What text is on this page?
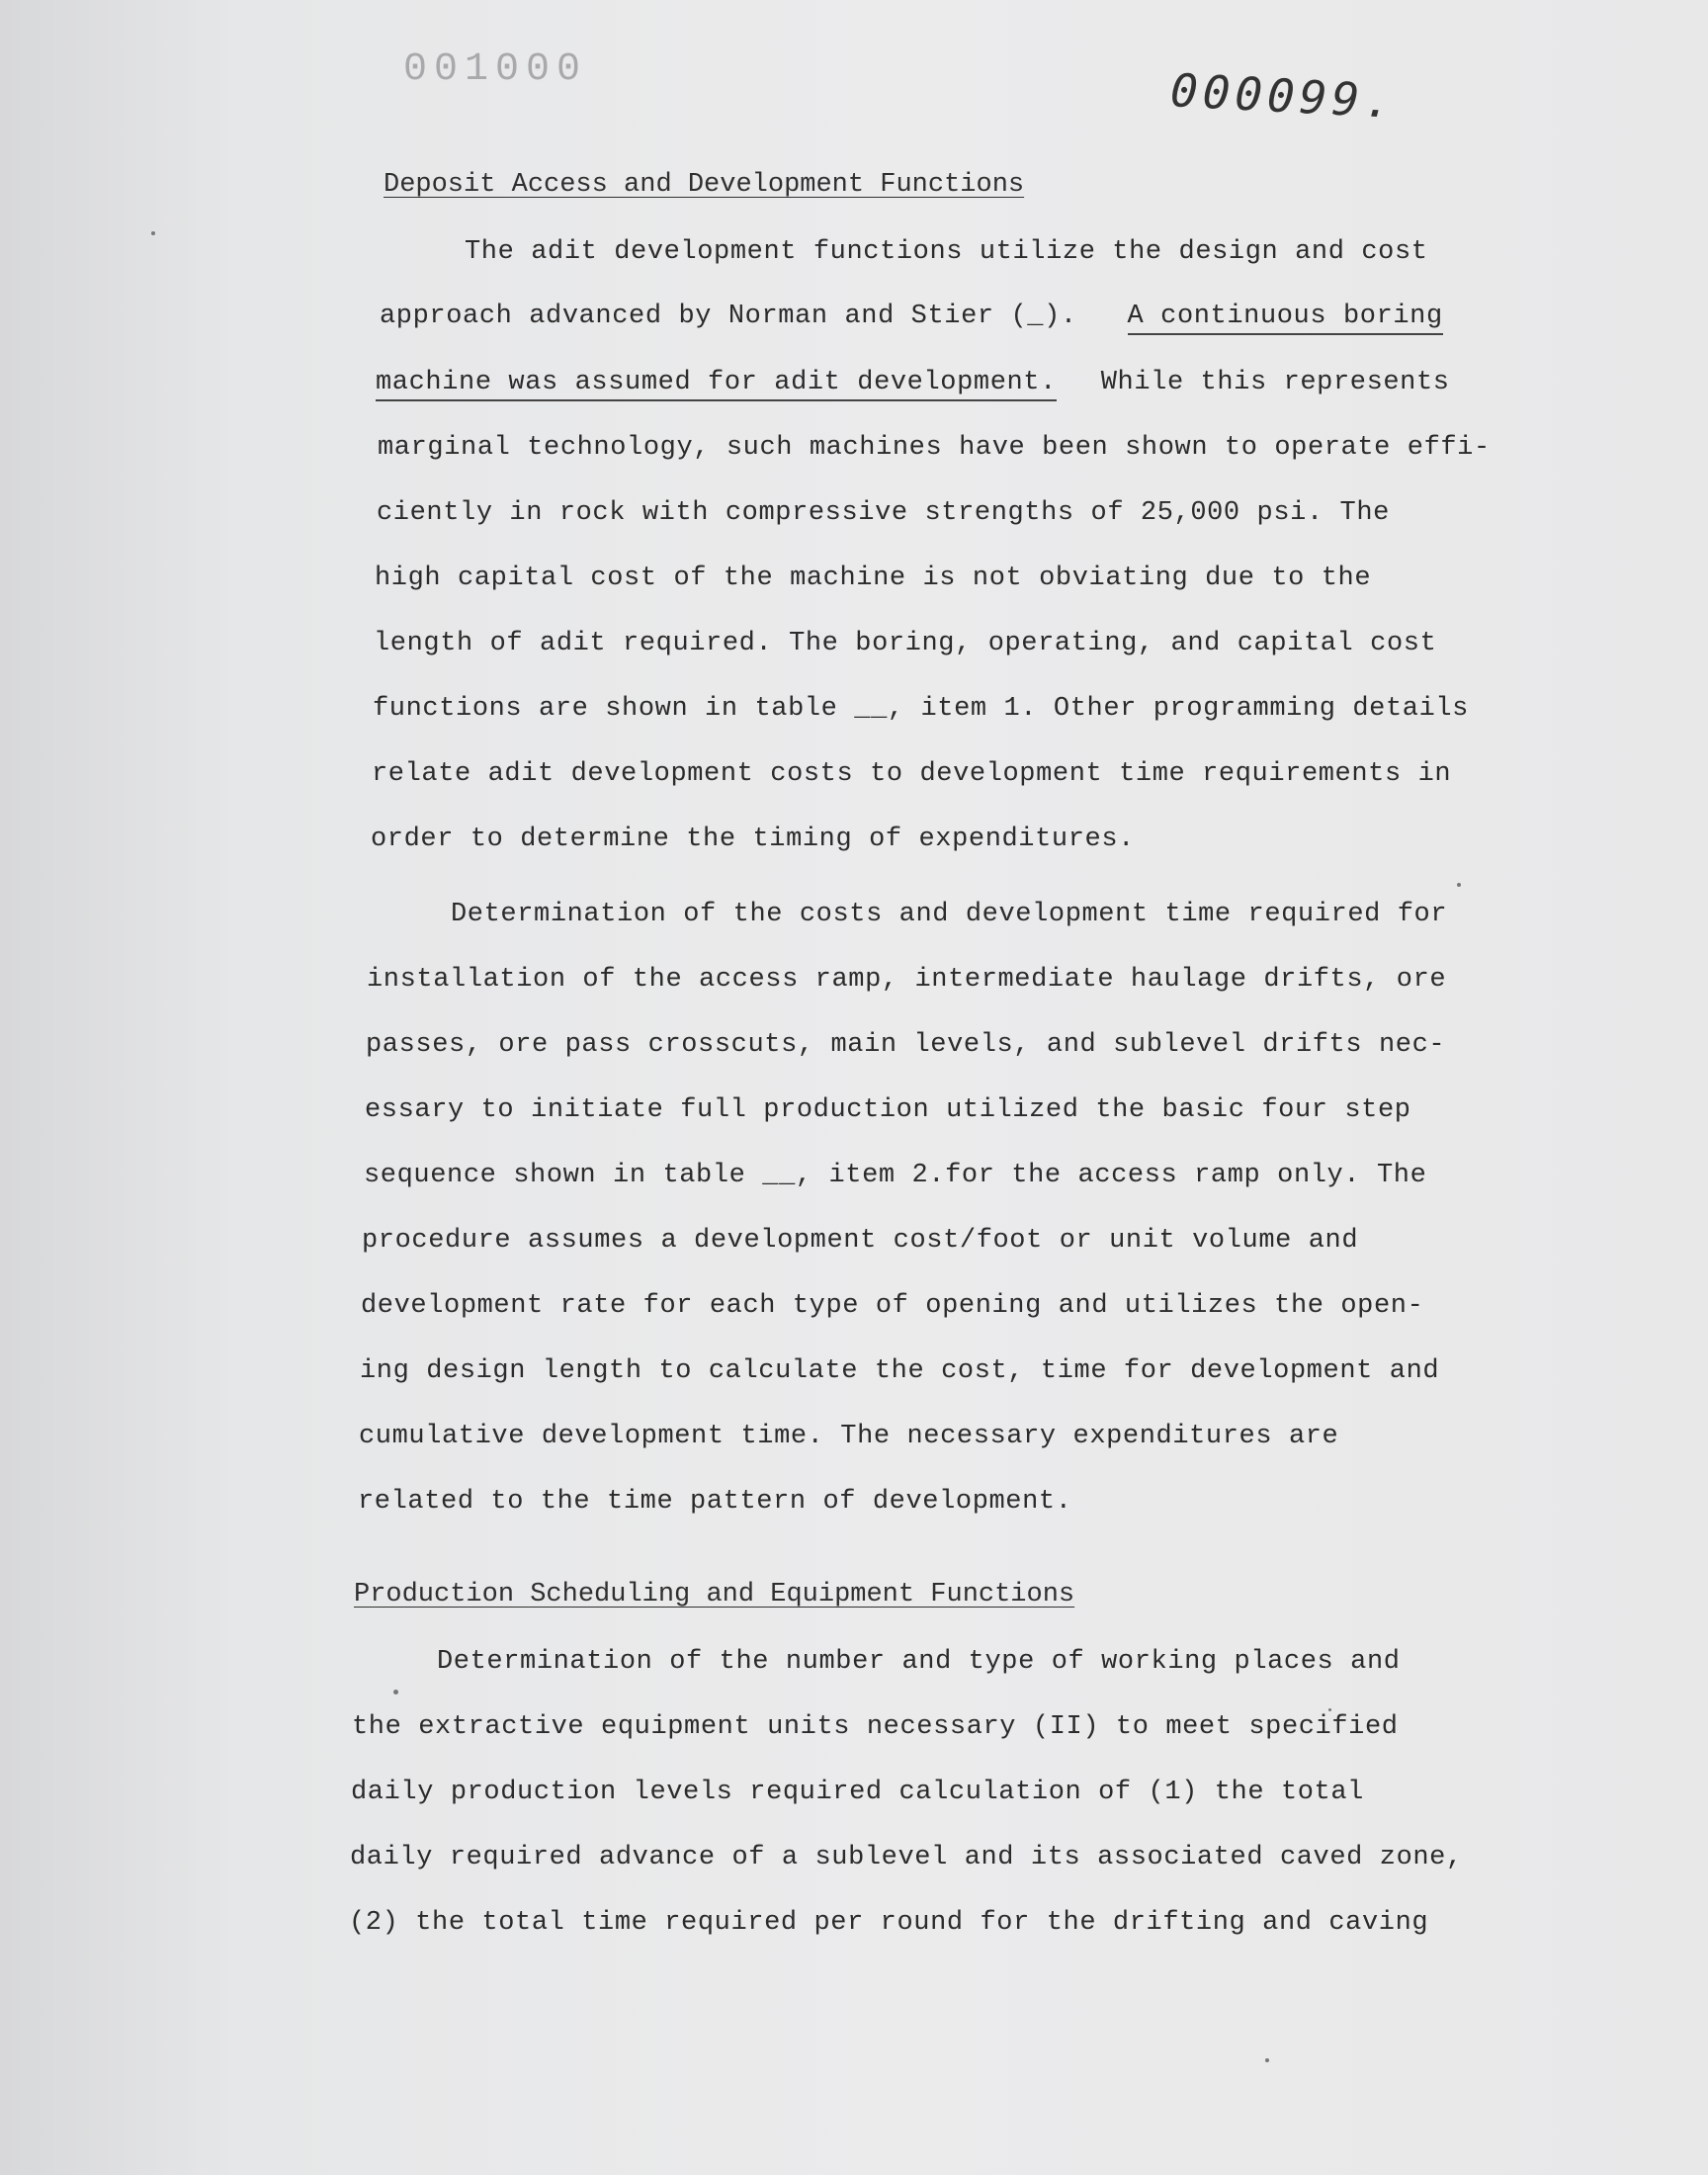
001000	000099.
Deposit Access and Development Functions
The adit development functions utilize the design and cost
approach advanced by Norman and Stier (_). A continuous boring
machine was assumed for adit development. While this represents
marginal technology, such machines have been shown to operate effi-
ciently in rock with compressive strengths of 25,000 psi. The
high capital cost of the machine is not obviating due to the
length of adit required. The boring, operating, and capital cost
functions are shown in table __, item 1. Other programming details
relate adit development costs to development time requirements in
order to determine the timing of expenditures.
Determination of the costs and development time required for
installation of the access ramp, intermediate haulage drifts, ore
passes, ore pass crosscuts, main levels, and sublevel drifts nec-
essary to initiate full production utilized the basic four step
sequence shown in table __, item 2.for the access ramp only. The
procedure assumes a development cost/foot or unit volume and
development rate for each type of opening and utilizes the open-
ing design length to calculate the cost, time for development and
cumulative development time. The necessary expenditures are
related to the time pattern of development.
Production Scheduling and Equipment Functions
Determination of the number and type of working places and
the extractive equipment units necessary (II) to meet specified
daily production levels required calculation of (1) the total
daily required advance of a sublevel and its associated caved zone,
(2) the total time required per round for the drifting and caving
